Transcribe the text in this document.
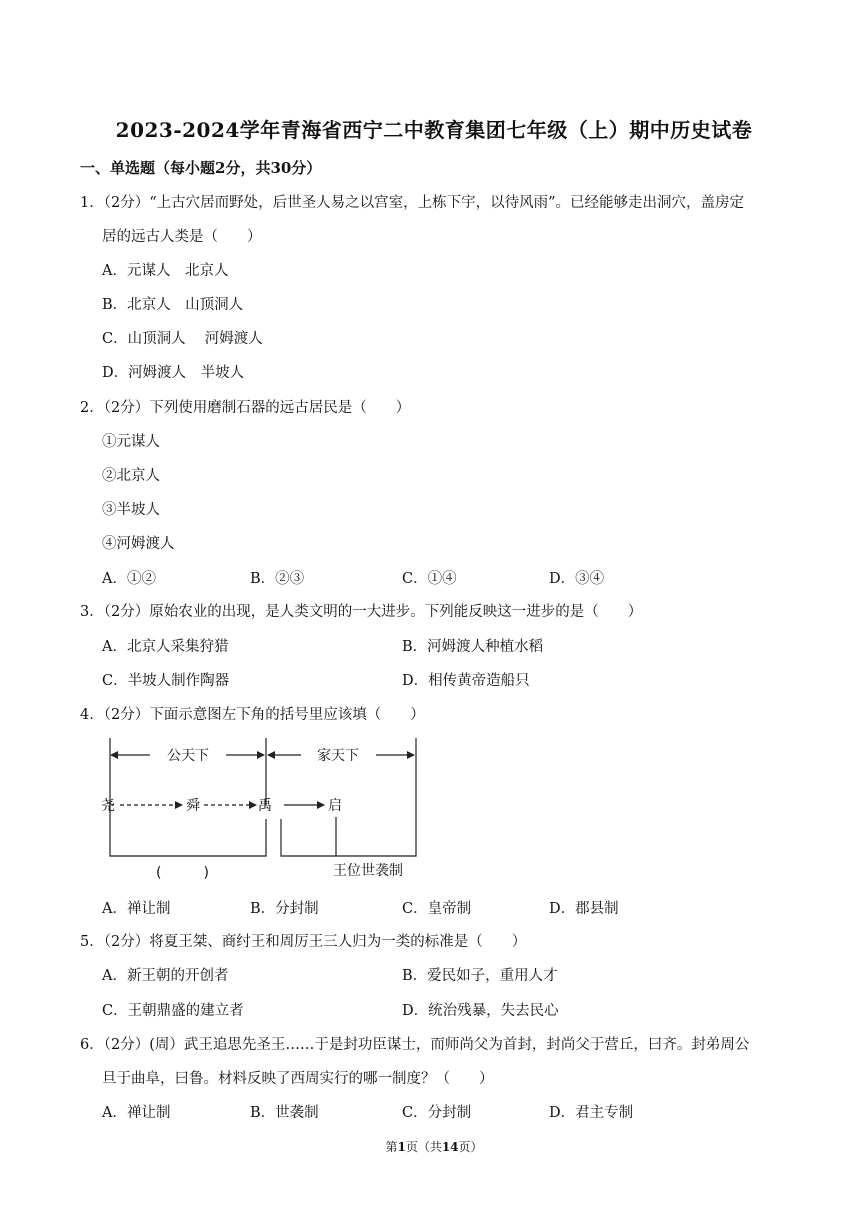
2023-2024学年青海省西宁二中教育集团七年级（上）期中历史试卷
一、单选题（每小题2分，共30分）
1．（2分）“上古穴居而野处，后世圣人易之以宫室，上栋下宇，以待风雨”。已经能够走出洞穴，盖房定
居的远古人类是（　　）
A．元谋人　北京人
B．北京人　山顶洞人
C．山顶洞人　 河姆渡人
D．河姆渡人　半坡人
2．（2分）下列使用磨制石器的远古居民是（　　）
①元谋人
②北京人
③半坡人
④河姆渡人
A．①②	B．②③	C．①④	D．③④
3．（2分）原始农业的出现，是人类文明的一大进步。下列能反映这一进步的是（　　）
A．北京人采集狩猎	B．河姆渡人种植水稻
C．半坡人制作陶器	D．相传黄帝造船只
4．（2分）下面示意图左下角的括号里应该填（　　）
公天下	家天下
尧	舜	禹	启
(　　　)	王位世袭制
A．禅让制	B．分封制	C．皇帝制	D．郡县制
5．（2分）将夏王桀、商纣王和周厉王三人归为一类的标准是（　　）
A．新王朝的开创者	B．爱民如子，重用人才
C．王朝鼎盛的建立者	D．统治残暴，失去民心
6．（2分）(周）武王追思先圣王……于是封功臣谋士，而师尚父为首封，封尚父于营丘，曰齐。封弟周公
旦于曲阜，曰鲁。材料反映了西周实行的哪一制度？（　　）
A．禅让制	B．世袭制	C．分封制	D．君主专制
第1页（共14页）
